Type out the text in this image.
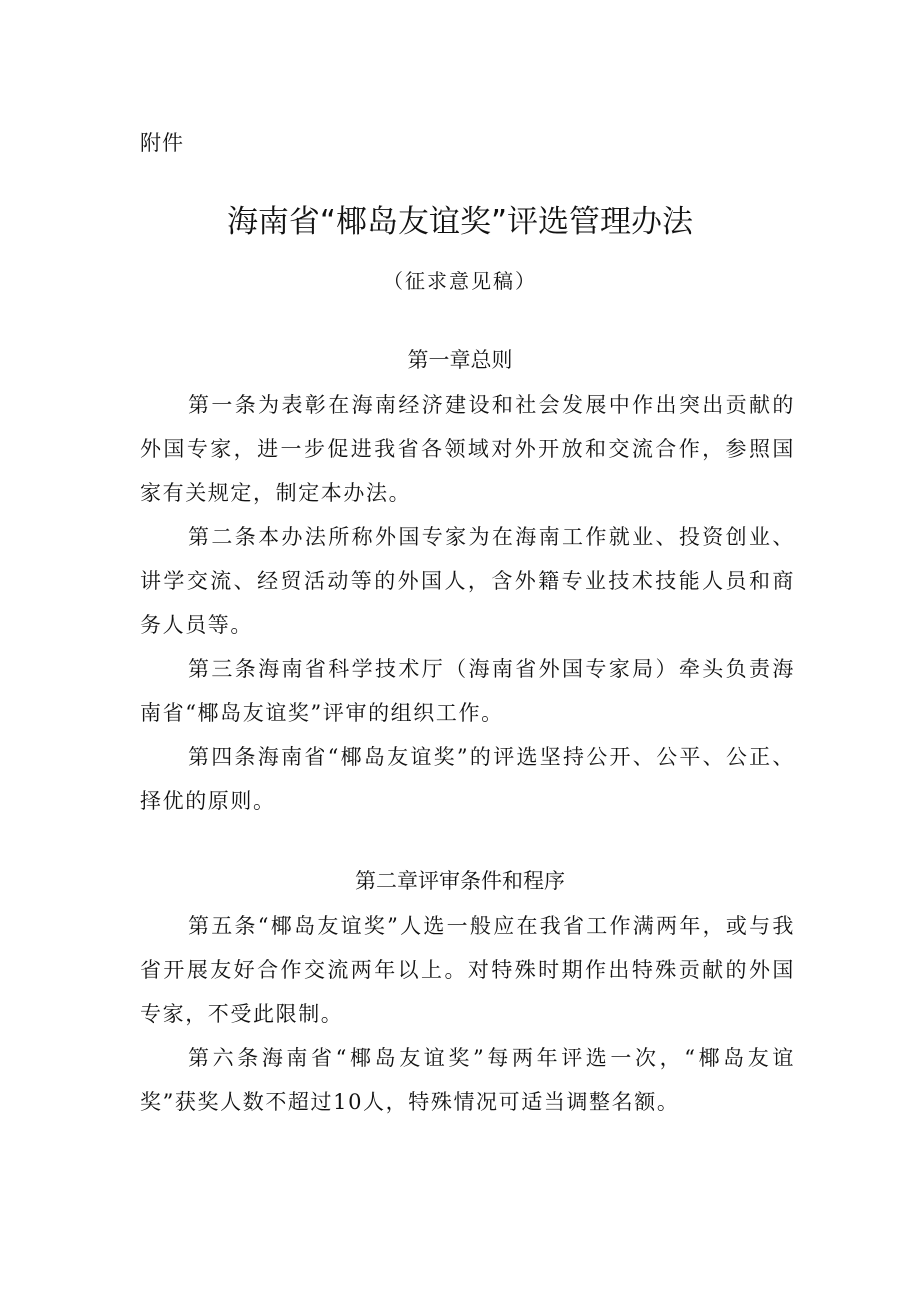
附件
海南省“椰岛友谊奖”评选管理办法
（征求意见稿）
第一章总则

第一条为表彰在海南经济建设和社会发展中作出突出贡献的外国专家，进一步促进我省各领域对外开放和交流合作，参照国家有关规定，制定本办法。

第二条本办法所称外国专家为在海南工作就业、投资创业、讲学交流、经贸活动等的外国人，含外籍专业技术技能人员和商务人员等。

第三条海南省科学技术厅（海南省外国专家局）牵头负责海南省“椰岛友谊奖”评审的组织工作。

第四条海南省“椰岛友谊奖”的评选坚持公开、公平、公正、择优的原则。

第二章评审条件和程序

第五条“椰岛友谊奖”人选一般应在我省工作满两年，或与我省开展友好合作交流两年以上。对特殊时期作出特殊贡献的外国专家，不受此限制。

第六条海南省“椰岛友谊奖”每两年评选一次，“椰岛友谊奖”获奖人数不超过10人，特殊情况可适当调整名额。
